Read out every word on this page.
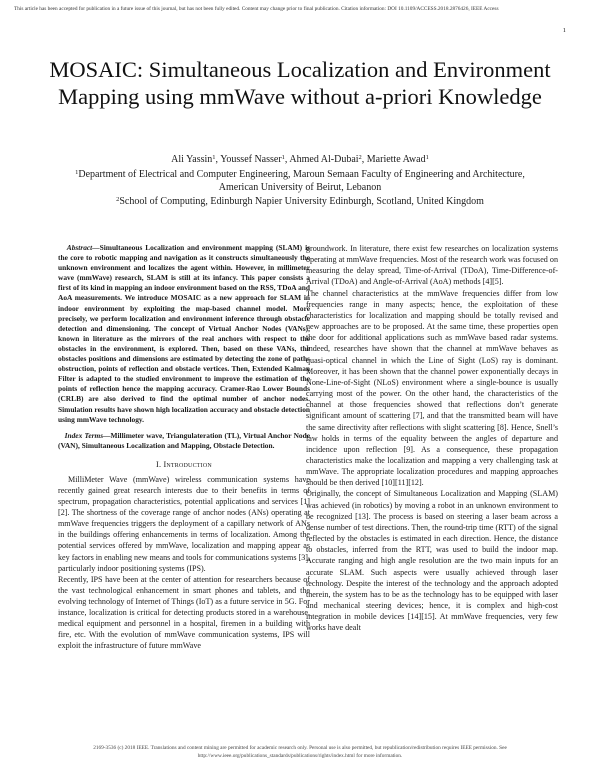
This article has been accepted for publication in a future issue of this journal, but has not been fully edited. Content may change prior to final publication. Citation information: DOI 10.1109/ACCESS.2018.2876426, IEEE Access
1
MOSAIC: Simultaneous Localization and Environment Mapping using mmWave without a-priori Knowledge
Ali Yassin$^1$, Youssef Nasser$^1$, Ahmed Al-Dubai$^2$, Mariette Awad$^1$
$^1$Department of Electrical and Computer Engineering, Maroun Semaan Faculty of Engineering and Architecture,
American University of Beirut, Lebanon
$^2$School of Computing, Edinburgh Napier University Edinburgh, Scotland, United Kingdom
Abstract—Simultaneous Localization and environment mapping (SLAM) is the core to robotic mapping and navigation as it constructs simultaneously the unknown environment and localizes the agent within. However, in millimeter wave (mmWave) research, SLAM is still at its infancy. This paper consists a first of its kind in mapping an indoor environment based on the RSS, TDoA and AoA measurements. We introduce MOSAIC as a new approach for SLAM in indoor environment by exploiting the map-based channel model. More precisely, we perform localization and environment inference through obstacle detection and dimensioning. The concept of Virtual Anchor Nodes (VANs), known in literature as the mirrors of the real anchors with respect to the obstacles in the environment, is explored. Then, based on these VANs, the obstacles positions and dimensions are estimated by detecting the zone of paths obstruction, points of reflection and obstacle vertices. Then, Extended Kalman Filter is adapted to the studied environment to improve the estimation of the points of reflection hence the mapping accuracy. Cramer-Rao Lower Bounds (CRLB) are also derived to find the optimal number of anchor nodes. Simulation results have shown high localization accuracy and obstacle detection using mmWave technology.
Index Terms—Millimeter wave, Triangulateration (TL), Virtual Anchor Node (VAN), Simultaneous Localization and Mapping, Obstacle Detection.
I. Introduction

MilliMeter Wave (mmWave) wireless communication systems have recently gained great research interests due to their benefits in terms of spectrum, propagation characteristics, potential applications and services [1][2]. The shortness of the coverage range of anchor nodes (ANs) operating at mmWave frequencies triggers the deployment of a capillary network of ANs in the buildings offering enhancements in terms of localization. Among the potential services offered by mmWave, localization and mapping appear as key factors in enabling new means and tools for communications systems [3], particularly indoor positioning systems (IPS).

Recently, IPS have been at the center of attention for researchers because of the vast technological enhancement in smart phones and tablets, and the evolving technology of Internet of Things (IoT) as a future service in 5G. For instance, localization is critical for detecting products stored in a warehouse, medical equipment and personnel in a hospital, firemen in a building with fire, etc. With the evolution of mmWave communication systems, IPS will exploit the infrastructure of future mmWave

groundwork. In literature, there exist few researches on localization systems operating at mmWave frequencies. Most of the research work was focused on measuring the delay spread, Time-of-Arrival (TDoA), Time-Difference-of-Arrival (TDoA) and Angle-of-Arrival (AoA) methods [4][5].

The channel characteristics at the mmWave frequencies differ from low frequencies range in many aspects; hence, the exploitation of these characteristics for localization and mapping should be totally revised and new approaches are to be proposed. At the same time, these properties open the door for additional applications such as mmWave based radar systems. Indeed, researches have shown that the channel at mmWave behaves as quasi-optical channel in which the Line of Sight (LoS) ray is dominant. Moreover, it has been shown that the channel power exponentially decays in None-Line-of-Sight (NLoS) environment where a single-bounce is usually carrying most of the power. On the other hand, the characteristics of the channel at those frequencies showed that reflections don’t generate significant amount of scattering [7], and that the transmitted beam will have the same directivity after reflections with slight scattering [8]. Hence, Snell’s law holds in terms of the equality between the angles of departure and incidence upon reflection [9]. As a consequence, these propagation characteristics make the localization and mapping a very challenging task at mmWave. The appropriate localization procedures and mapping approaches should be then derived [10][11][12].

Originally, the concept of Simultaneous Localization and Mapping (SLAM) was achieved (in robotics) by moving a robot in an unknown environment to be recognized [13]. The process is based on steering a laser beam across a dense number of test directions. Then, the round-trip time (RTT) of the signal reflected by the obstacles is estimated in each direction. Hence, the distance to obstacles, inferred from the RTT, was used to build the indoor map. Accurate ranging and high angle resolution are the two main inputs for an accurate SLAM. Such aspects were usually achieved through laser technology. Despite the interest of the technology and the approach adopted therein, the system has to be as the technology has to be equipped with laser and mechanical steering devices; hence, it is complex and high-cost integration in mobile devices [14][15]. At mmWave frequencies, very few works have dealt

2169-3536 (c) 2018 IEEE. Translations and content mining are permitted for academic research only. Personal use is also permitted, but republication/redistribution requires IEEE permission. See
http://www.ieee.org/publications_standards/publications/rights/index.html for more information.
